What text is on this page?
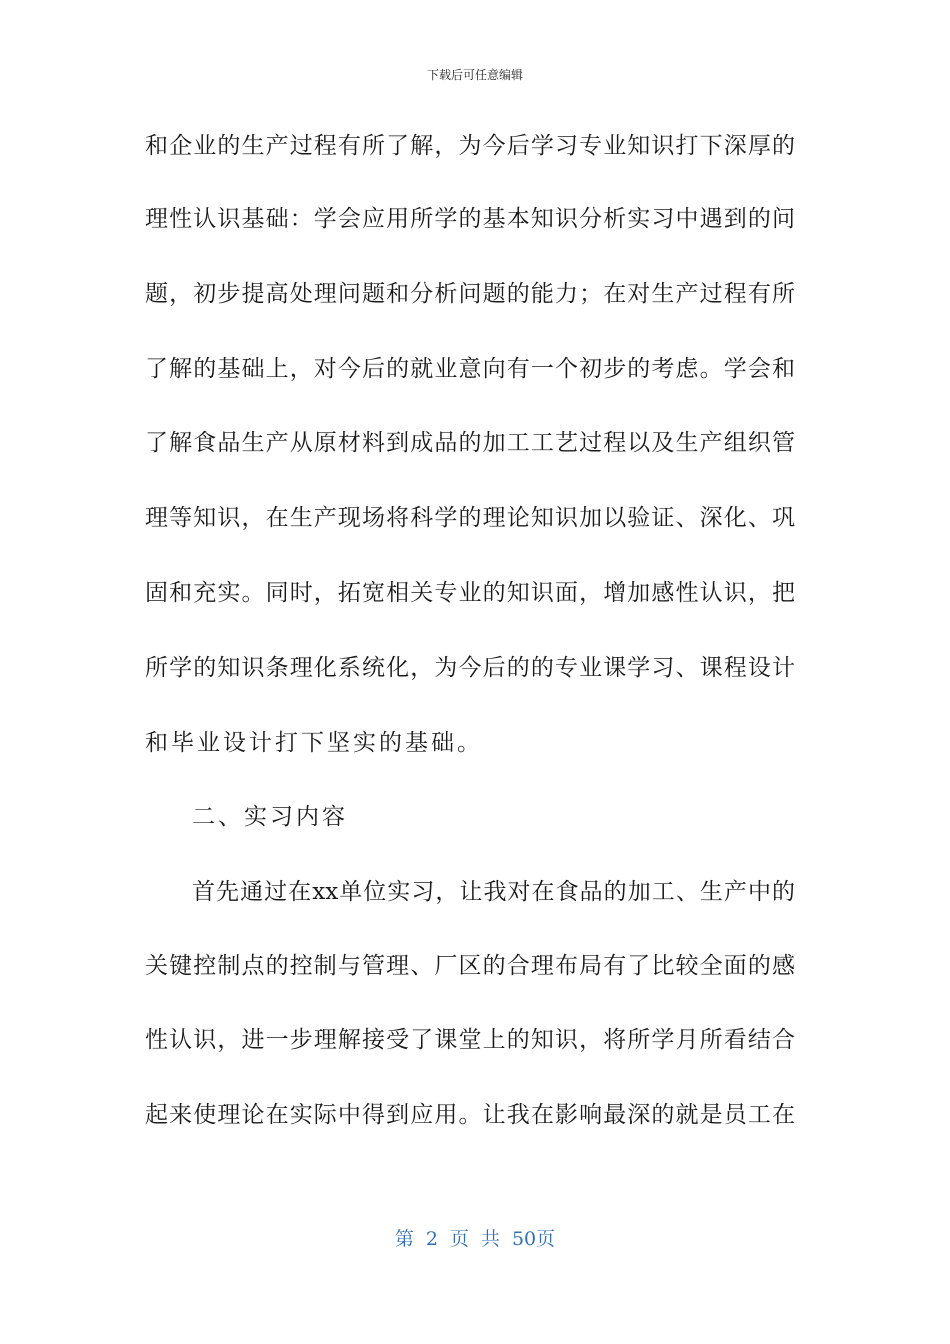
下载后可任意编辑
和企业的生产过程有所了解，为今后学习专业知识打下深厚的
理性认识基础：学会应用所学的基本知识分析实习中遇到的问
题，初步提高处理问题和分析问题的能力；在对生产过程有所
了解的基础上，对今后的就业意向有一个初步的考虑。学会和
了解食品生产从原材料到成品的加工工艺过程以及生产组织管
理等知识，在生产现场将科学的理论知识加以验证、深化、巩
固和充实。同时，拓宽相关专业的知识面，增加感性认识，把
所学的知识条理化系统化，为今后的的专业课学习、课程设计
和毕业设计打下坚实的基础。
二、实习内容
首先通过在xx单位实习，让我对在食品的加工、生产中的
关键控制点的控制与管理、厂区的合理布局有了比较全面的感
性认识，进一步理解接受了课堂上的知识，将所学月所看结合
起来使理论在实际中得到应用。让我在影响最深的就是员工在
第 2 页 共 50页
